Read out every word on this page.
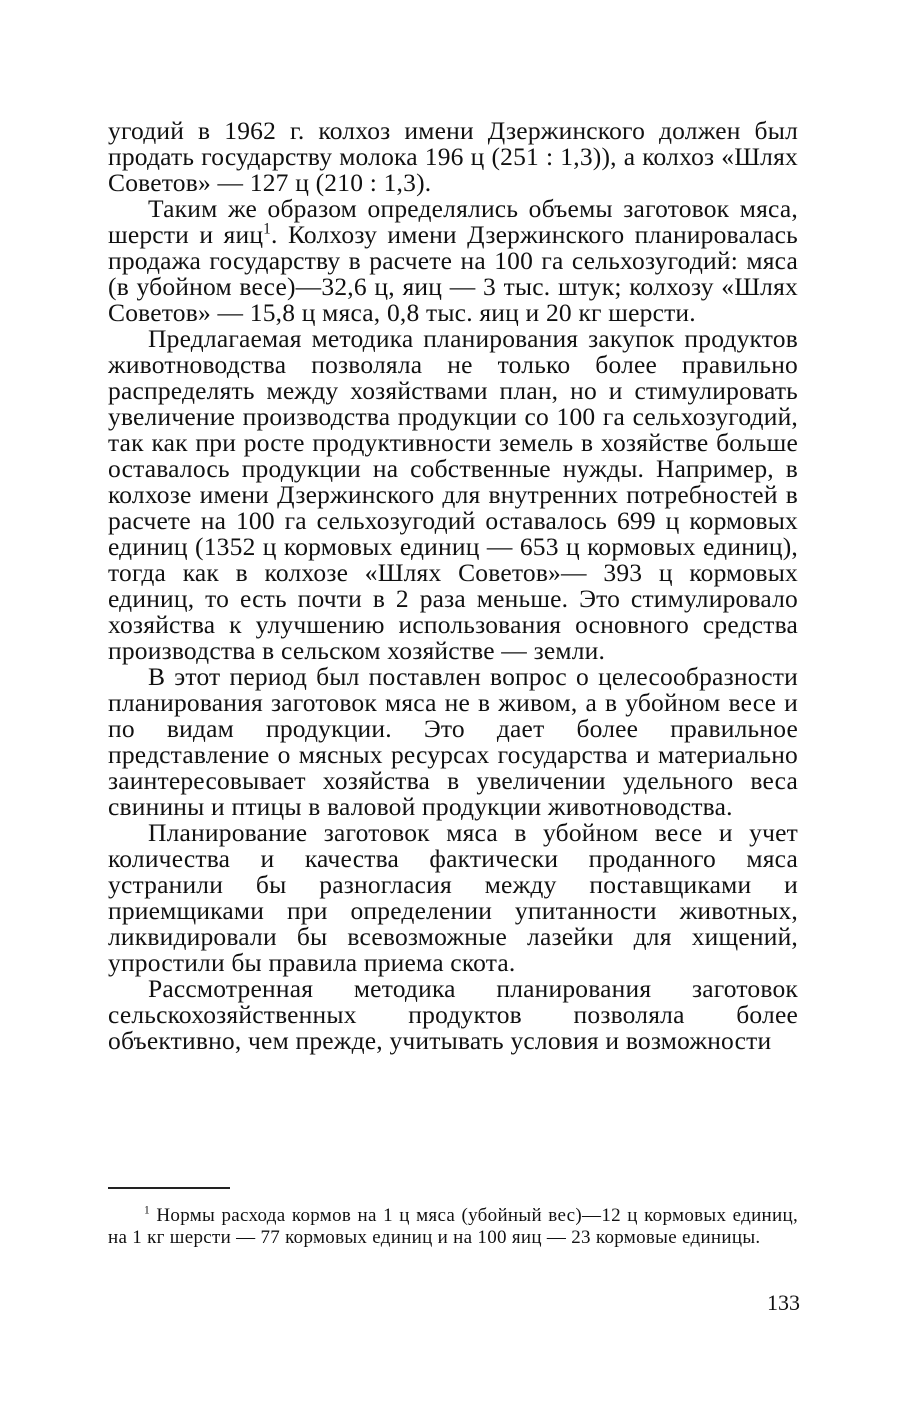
угодий в 1962 г. колхоз имени Дзержинского должен был продать государству молока 196 ц (251 : 1,3)), а колхоз «Шлях Советов» — 127 ц (210 : 1,3).

Таким же образом определялись объемы заготовок мяса, шерсти и яиц$^1$. Колхозу имени Дзержинского планировалась продажа государству в расчете на 100 га сельхозугодий: мяса (в убойном весе)—32,6 ц, яиц — 3 тыс. штук; колхозу «Шлях Советов» — 15,8 ц мяса, 0,8 тыс. яиц и 20 кг шерсти.

Предлагаемая методика планирования закупок продуктов животноводства позволяла не только более правильно распределять между хозяйствами план, но и стимулировать увеличение производства продукции со 100 га сельхозугодий, так как при росте продуктивности земель в хозяйстве больше оставалось продукции на собственные нужды. Например, в колхозе имени Дзержинского для внутренних потребностей в расчете на 100 га сельхозугодий оставалось 699 ц кормовых единиц (1352 ц кормовых единиц — 653 ц кормовых единиц), тогда как в колхозе «Шлях Советов»— 393 ц кормовых единиц, то есть почти в 2 раза меньше. Это стимулировало хозяйства к улучшению использования основного средства производства в сельском хозяйстве — земли.

В этот период был поставлен вопрос о целесообразности планирования заготовок мяса не в живом, а в убойном весе и по видам продукции. Это дает более правильное представление о мясных ресурсах государства и материально заинтересовывает хозяйства в увеличении удельного веса свинины и птицы в валовой продукции животноводства.

Планирование заготовок мяса в убойном весе и учет количества и качества фактически проданного мяса устранили бы разногласия между поставщиками и приемщиками при определении упитанности животных, ликвидировали бы всевозможные лазейки для хищений, упростили бы правила приема скота.

Рассмотренная методика планирования заготовок сельскохозяйственных продуктов позволяла более объективно, чем прежде, учитывать условия и возможности

$^1$ Нормы расхода кормов на 1 ц мяса (убойный вес)—12 ц кормовых единиц, на 1 кг шерсти — 77 кормовых единиц и на 100 яиц — 23 кормовые единицы.
133
